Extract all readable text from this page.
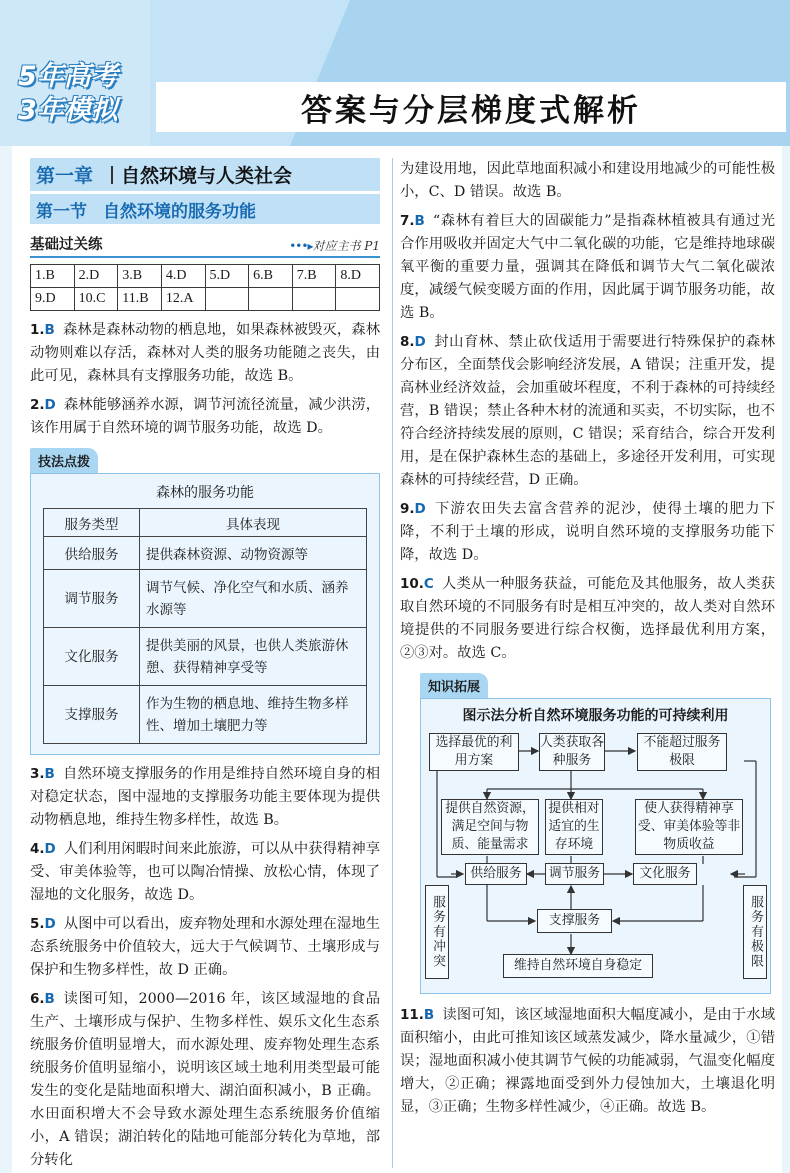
5年高考
3年模拟	答案与分层梯度式解析
第一章 自然环境与人类社会
第一节 自然环境的服务功能
基础过关练	•••▸对应主书 P1
1.B	2.D	3.B	4.D	5.D	6.B	7.B	8.D
9.D	10.C	11.B	12.A				
1.B 森林是森林动物的栖息地，如果森林被毁灭，森林动物则难以存活，森林对人类的服务功能随之丧失，由此可见，森林具有支撑服务功能，故选 B。
2.D 森林能够涵养水源，调节河流径流量，减少洪涝，该作用属于自然环境的调节服务功能，故选 D。
技法点拨
森林的服务功能
服务类型	具体表现
供给服务	提供森林资源、动物资源等
调节服务	调节气候、净化空气和水质、涵养水源等
文化服务	提供美丽的风景，也供人类旅游休憩、获得精神享受等
支撑服务	作为生物的栖息地、维持生物多样性、增加土壤肥力等
3.B 自然环境支撑服务的作用是维持自然环境自身的相对稳定状态，图中湿地的支撑服务功能主要体现为提供动物栖息地，维持生物多样性，故选 B。
4.D 人们利用闲暇时间来此旅游，可以从中获得精神享受、审美体验等，也可以陶冶情操、放松心情，体现了湿地的文化服务，故选 D。
5.D 从图中可以看出，废弃物处理和水源处理在湿地生态系统服务中价值较大，远大于气候调节、土壤形成与保护和生物多样性，故 D 正确。
6.B 读图可知，2000—2016 年，该区域湿地的食品生产、土壤形成与保护、生物多样性、娱乐文化生态系统服务价值明显增大，而水源处理、废弃物处理生态系统服务价值明显缩小，说明该区域土地利用类型最可能发生的变化是陆地面积增大、湖泊面积减小，B 正确。水田面积增大不会导致水源处理生态系统服务价值缩小，A 错误；湖泊转化的陆地可能部分转化为草地，部分转化
为建设用地，因此草地面积减小和建设用地减少的可能性极小，C、D 错误。故选 B。
7.B “森林有着巨大的固碳能力”是指森林植被具有通过光合作用吸收并固定大气中二氧化碳的功能，它是维持地球碳氧平衡的重要力量，强调其在降低和调节大气二氧化碳浓度，减缓气候变暖方面的作用，因此属于调节服务功能，故选 B。
8.D 封山育林、禁止砍伐适用于需要进行特殊保护的森林分布区，全面禁伐会影响经济发展，A 错误；注重开发，提高林业经济效益，会加重破坏程度，不利于森林的可持续经营，B 错误；禁止各种木材的流通和买卖，不切实际，也不符合经济持续发展的原则，C 错误；采育结合，综合开发利用，是在保护森林生态的基础上，多途径开发利用，可实现森林的可持续经营，D 正确。
9.D 下游农田失去富含营养的泥沙，使得土壤的肥力下降，不利于土壤的形成，说明自然环境的支撑服务功能下降，故选 D。
10.C 人类从一种服务获益，可能危及其他服务，故人类获取自然环境的不同服务有时是相互冲突的，故人类对自然环境提供的不同服务要进行综合权衡，选择最优利用方案，②③对。故选 C。
知识拓展
图示法分析自然环境服务功能的可持续利用
选择最优的利用方案
人类获取各种服务
不能超过服务极限
提供自然资源，满足空间与物质、能量需求
提供相对适宜的生存环境
使人获得精神享受、审美体验等非物质收益
供给服务	调节服务	文化服务
支撑服务
维持自然环境自身稳定
服务有冲突	服务有极限
11.B 读图可知，该区域湿地面积大幅度减小，是由于水域面积缩小，由此可推知该区域蒸发减少，降水量减少，①错误；湿地面积减小使其调节气候的功能减弱，气温变化幅度增大，②正确；裸露地面受到外力侵蚀加大，土壤退化明显，③正确；生物多样性减少，④正确。故选 B。
